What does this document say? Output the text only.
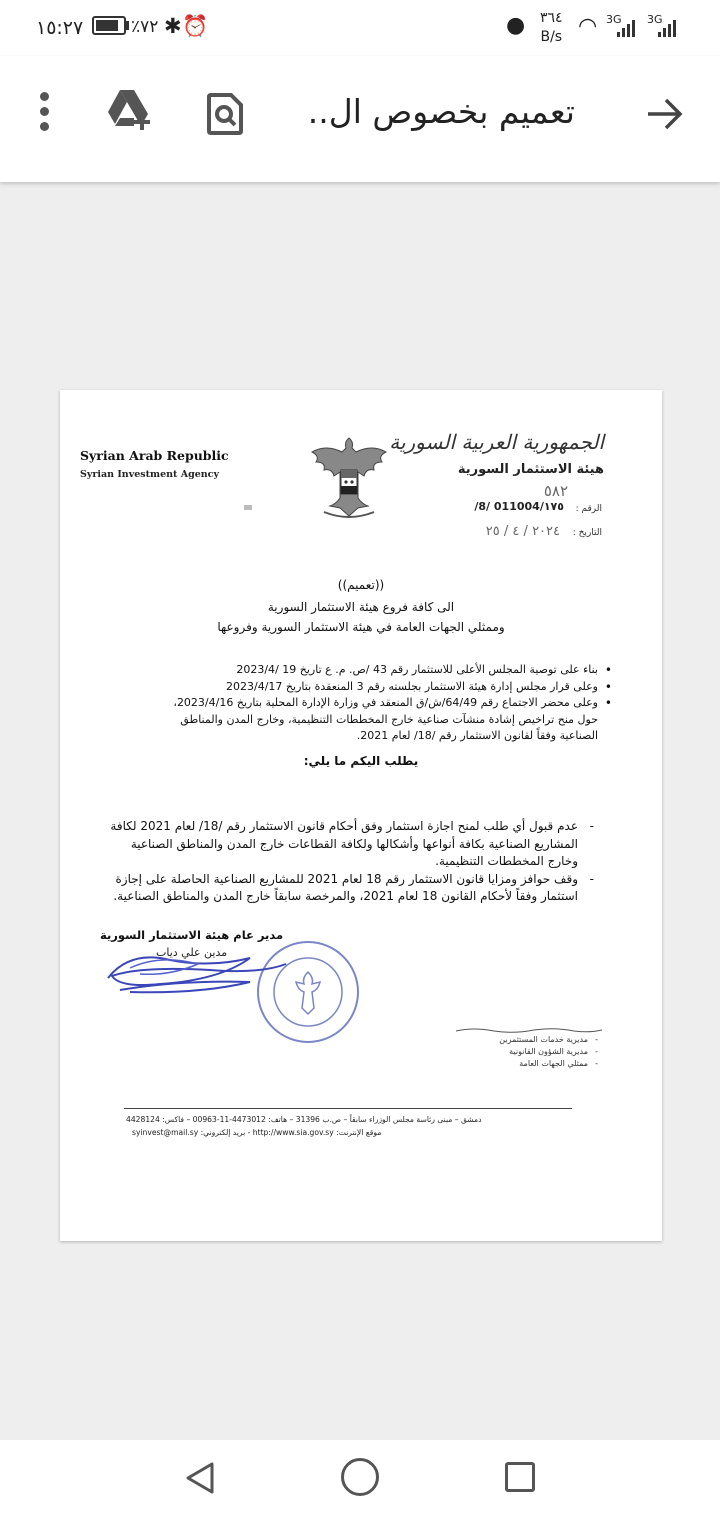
١٥:٢٧	٪٧٢ ✱ ⏰	● ٣٦٤
B/s ◠ 3G 3G
تعميم بخصوص ال..
Syrian Arab Republic
Syrian Investment Agency
الجمهورية العربية السورية
هيئة الاستثمار السورية
٥٨٢
الرقم :
/8/ 011004/١٧٥
التاريخ :
٢٠٢٤ / ٤ / ٢٥
((تعميم))
الى كافة فروع هيئة الاستثمار السورية
وممثلي الجهات العامة في هيئة الاستثمار السورية وفروعها
• بناء على توصية المجلس الأعلى للاستثمار رقم 43 /ص. م. ع تاريخ 19 /2023/4
• وعلى قرار مجلس إدارة هيئة الاستثمار بجلسته رقم 3 المنعقدة بتاريخ 2023/4/17
• وعلى محضر الاجتماع رقم 64/49/ش/ق المنعقد في وزارة الإدارة المحلية بتاريخ 2023/4/16، حول منح تراخيص إشادة منشآت صناعية خارج المخططات التنظيمية، وخارج المدن والمناطق الصناعية وفقاً لقانون الاستثمار رقم /18/ لعام 2021.
يطلب اليكم ما يلي:
- عدم قبول أي طلب لمنح اجازة استثمار وفق أحكام قانون الاستثمار رقم /18/ لعام 2021 لكافة المشاريع الصناعية بكافة أنواعها وأشكالها ولكافة القطاعات خارج المدن والمناطق الصناعية وخارج المخططات التنظيمية.
- وقف حوافز ومزايا قانون الاستثمار رقم 18 لعام 2021 للمشاريع الصناعية الحاصلة على إجازة استثمار وفقاً لأحكام القانون 18 لعام 2021، والمرخصة سابقاً خارج المدن والمناطق الصناعية.
مدير عام هيئة الاستثمار السورية
مدين علي دياب
- مديرية خدمات المستثمرين
- مديرية الشؤون القانونية
- ممثلي الجهات العامة
دمشق – مبنى رئاسة مجلس الوزراء سابقاً – ص.ب 31396 – هاتف: 4473012-11-00963 – فاكس: 4428124
موقع الإنترنت: http://www.sia.gov.sy - بريد إلكتروني: syinvest@mail.sy
